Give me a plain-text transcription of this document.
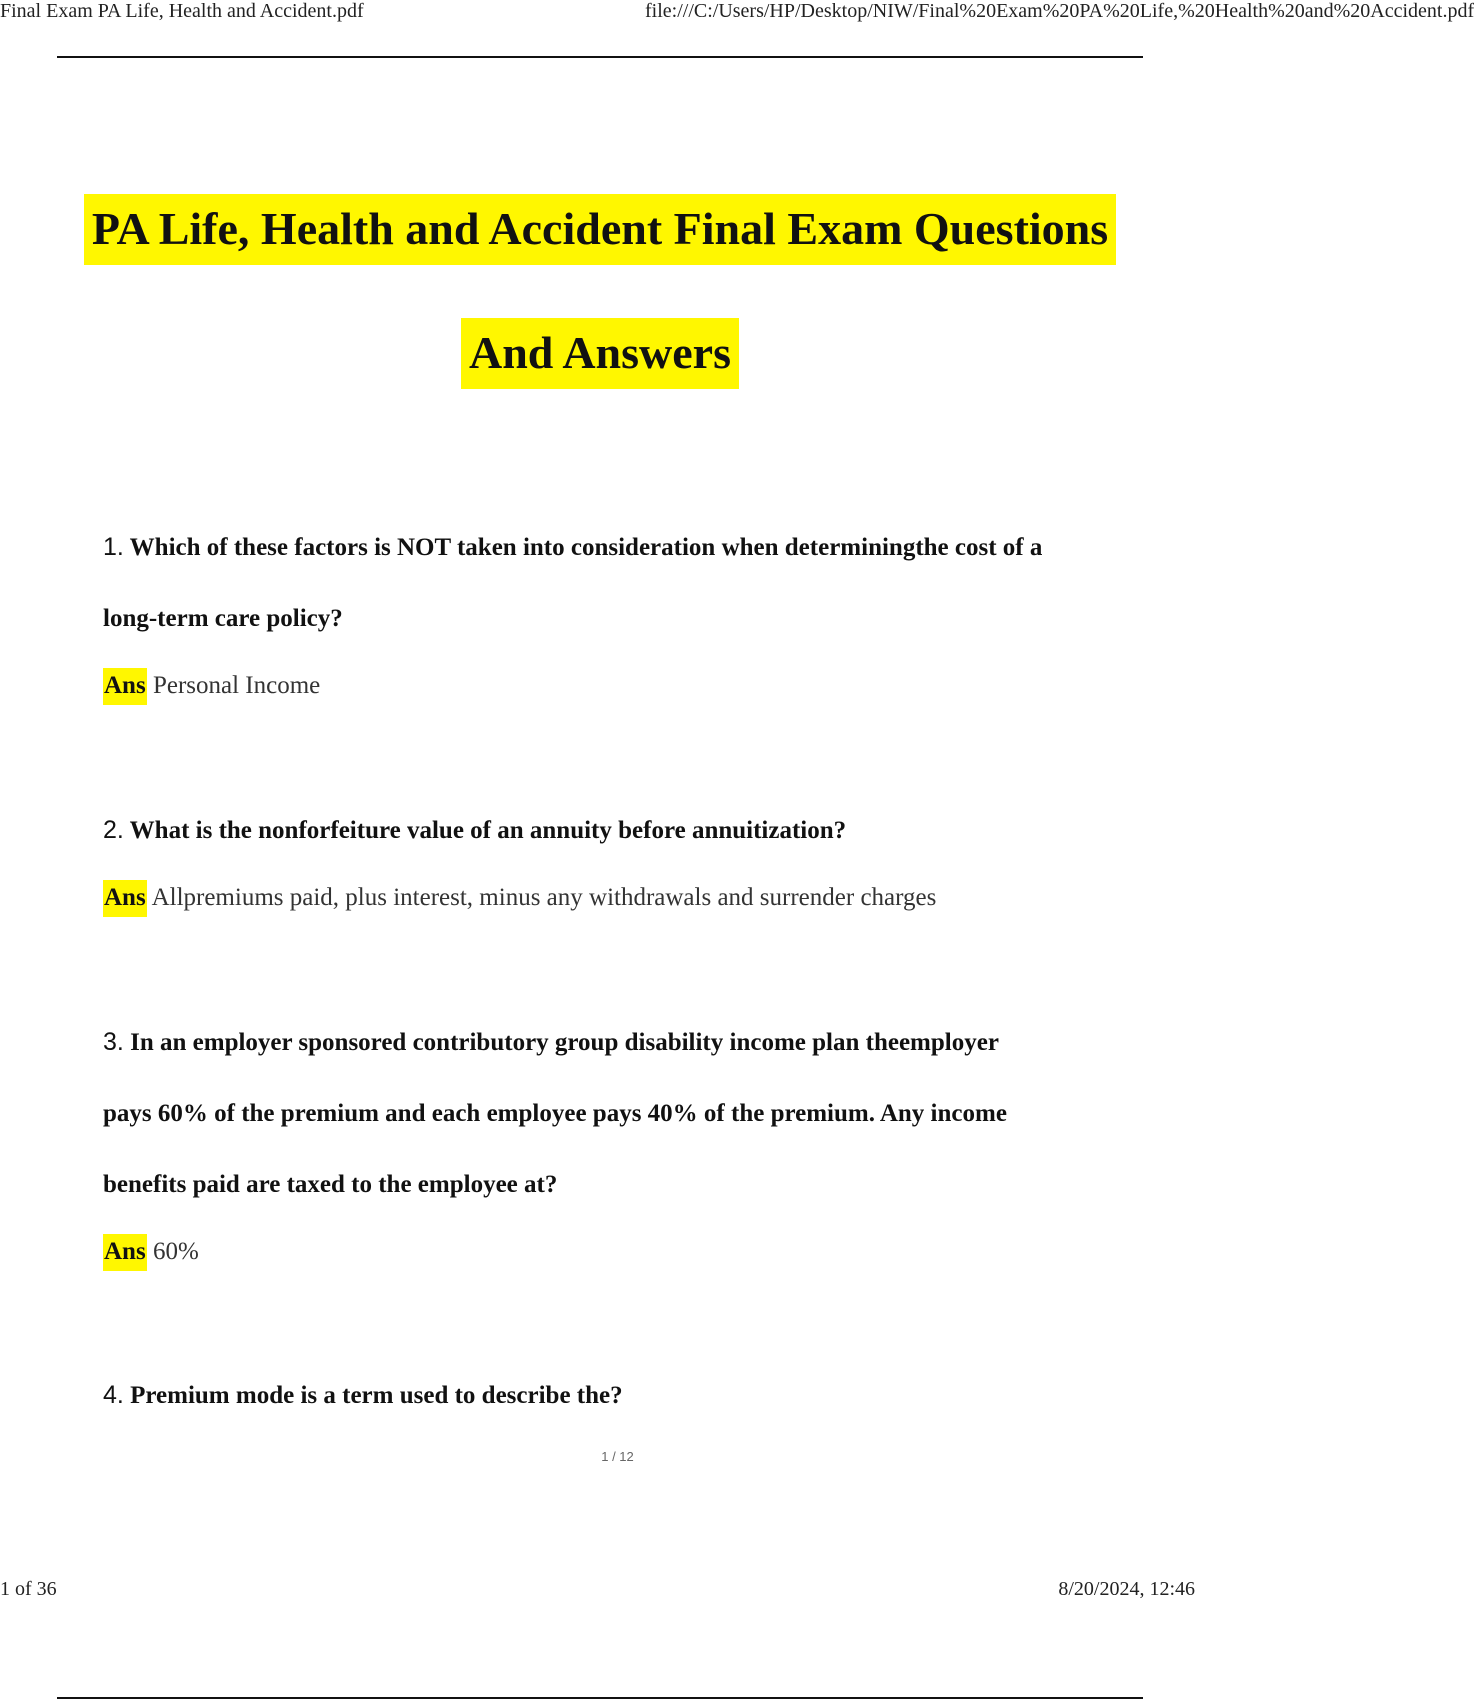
Final Exam PA Life, Health and Accident.pdf	file:///C:/Users/HP/Desktop/NIW/Final%20Exam%20PA%20Life,%20Health%20and%20Accident.pdf
PA Life, Health and Accident Final Exam Questions
And Answers
1. Which of these factors is NOT taken into consideration when determiningthe cost of a
long-term care policy?
Ans Personal Income
2. What is the nonforfeiture value of an annuity before annuitization?
Ans Allpremiums paid, plus interest, minus any withdrawals and surrender charges
3. In an employer sponsored contributory group disability income plan theemployer
pays 60% of the premium and each employee pays 40% of the premium. Any income
benefits paid are taxed to the employee at?
Ans 60%
4. Premium mode is a term used to describe the?
1 / 12
1 of 36	8/20/2024, 12:46
